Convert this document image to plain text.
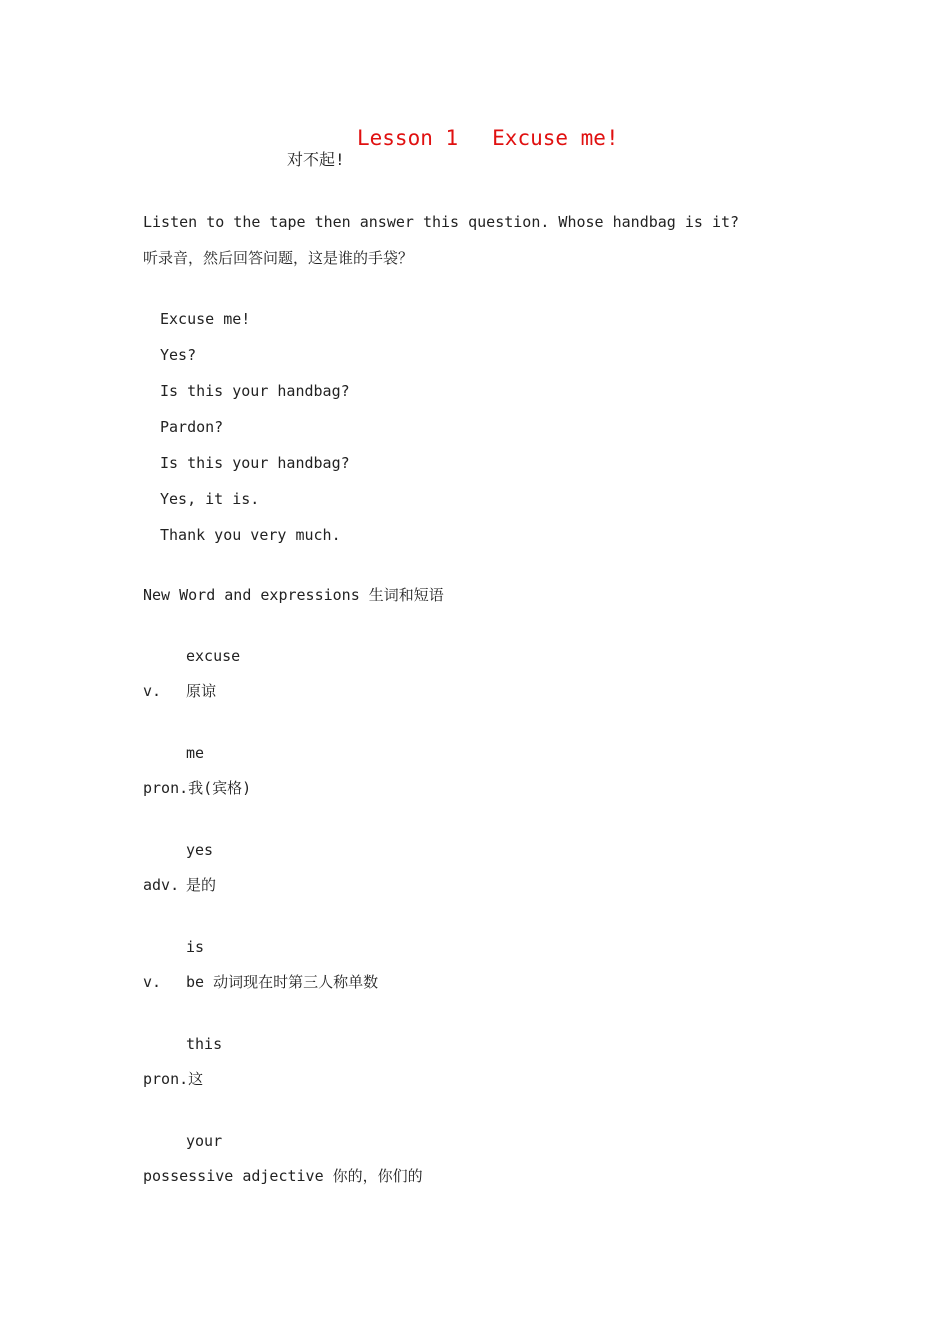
Lesson 1 Excuse me!
对不起!
Listen to the tape then answer this question. Whose handbag is it?
听录音，然后回答问题，这是谁的手袋？
Excuse me!
Yes?
Is this your handbag?
Pardon?
Is this your handbag?
Yes, it is.
Thank you very much.
New Word and expressions 生词和短语
excuse
v. 原谅
me
pron.我(宾格)
yes
adv. 是的
is
v. be 动词现在时第三人称单数
this
pron.这
your
possessive adjective 你的，你们的
